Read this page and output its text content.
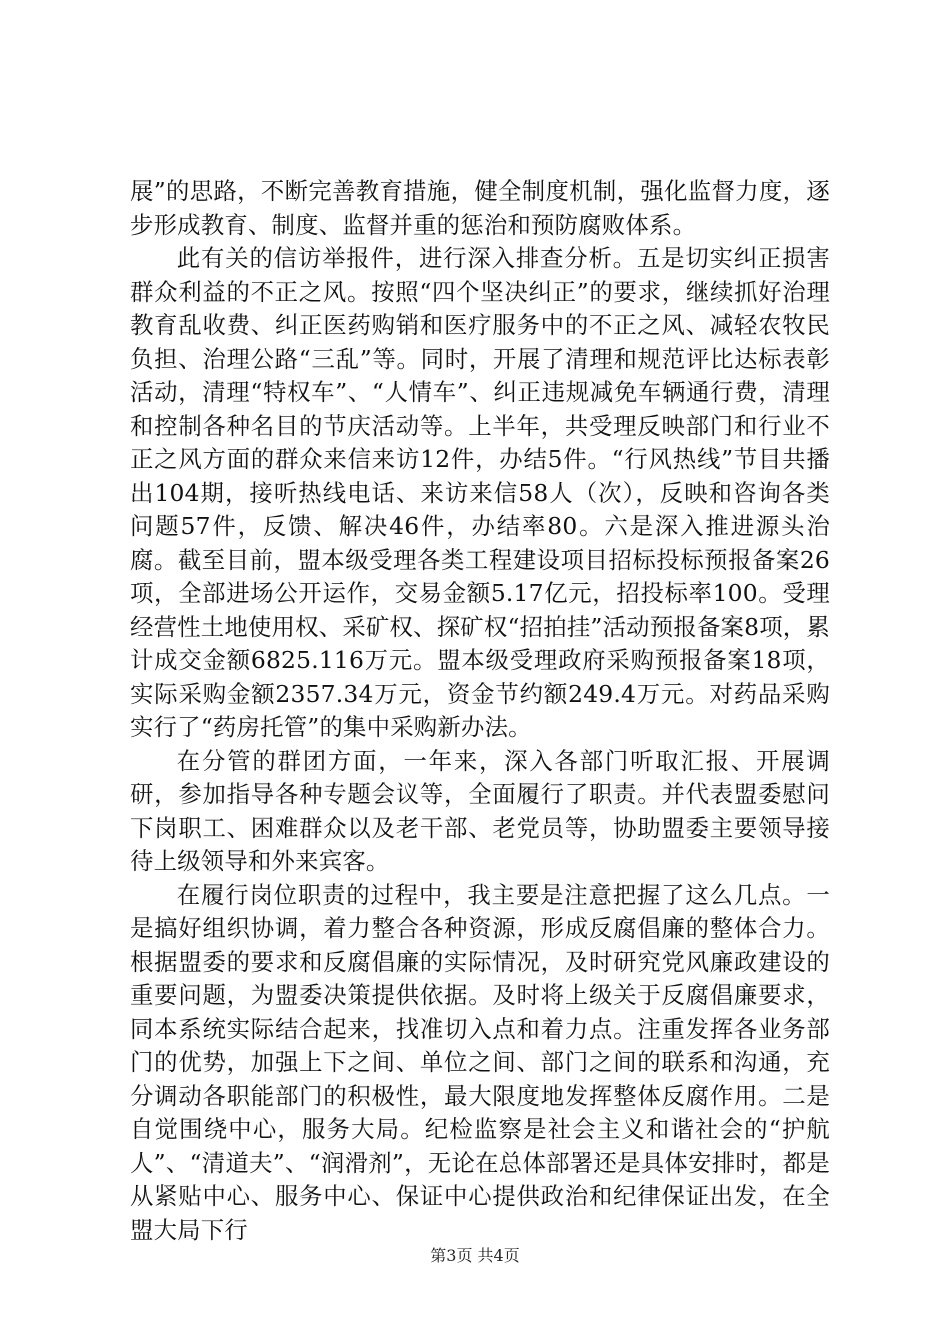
展”的思路，不断完善教育措施，健全制度机制，强化监督力度，逐步形成教育、制度、监督并重的惩治和预防腐败体系。

此有关的信访举报件，进行深入排查分析。五是切实纠正损害群众利益的不正之风。按照“四个坚决纠正”的要求，继续抓好治理教育乱收费、纠正医药购销和医疗服务中的不正之风、减轻农牧民负担、治理公路“三乱”等。同时，开展了清理和规范评比达标表彰活动，清理“特权车”、“人情车”、纠正违规减免车辆通行费，清理和控制各种名目的节庆活动等。上半年，共受理反映部门和行业不正之风方面的群众来信来访12件，办结5件。“行风热线”节目共播出104期，接听热线电话、来访来信58人（次），反映和咨询各类问题57件，反馈、解决46件，办结率80。六是深入推进源头治腐。截至目前，盟本级受理各类工程建设项目招标投标预报备案26项，全部进场公开运作，交易金额5.17亿元，招投标率100。受理经营性土地使用权、采矿权、探矿权“招拍挂”活动预报备案8项，累计成交金额6825.116万元。盟本级受理政府采购预报备案18项，实际采购金额2357.34万元，资金节约额249.4万元。对药品采购实行了“药房托管”的集中采购新办法。

在分管的群团方面，一年来，深入各部门听取汇报、开展调研，参加指导各种专题会议等，全面履行了职责。并代表盟委慰问下岗职工、困难群众以及老干部、老党员等，协助盟委主要领导接待上级领导和外来宾客。

在履行岗位职责的过程中，我主要是注意把握了这么几点。一是搞好组织协调，着力整合各种资源，形成反腐倡廉的整体合力。根据盟委的要求和反腐倡廉的实际情况，及时研究党风廉政建设的重要问题，为盟委决策提供依据。及时将上级关于反腐倡廉要求，同本系统实际结合起来，找准切入点和着力点。注重发挥各业务部门的优势，加强上下之间、单位之间、部门之间的联系和沟通，充分调动各职能部门的积极性，最大限度地发挥整体反腐作用。二是自觉围绕中心，服务大局。纪检监察是社会主义和谐社会的“护航人”、“清道夫”、“润滑剂”，无论在总体部署还是具体安排时，都是从紧贴中心、服务中心、保证中心提供政治和纪律保证出发，在全盟大局下行

第3页 共4页
